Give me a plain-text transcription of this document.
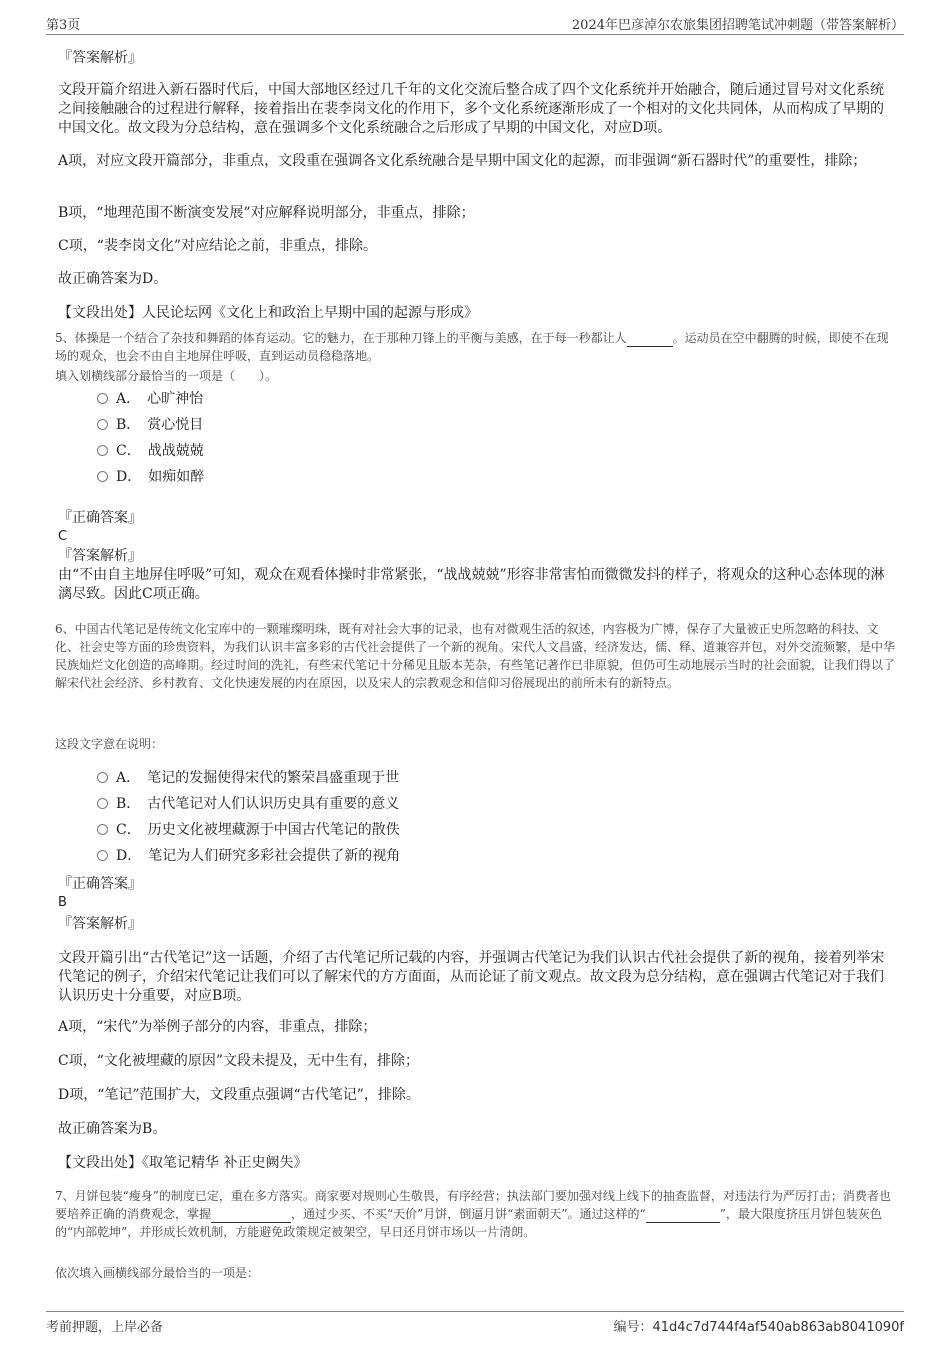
第3页	2024年巴彦淖尔农旅集团招聘笔试冲刺题（带答案解析）
『答案解析』
文段开篇介绍进入新石器时代后，中国大部地区经过几千年的文化交流后整合成了四个文化系统并开始融合，随后通过冒号对文化系统之间接触融合的过程进行解释，接着指出在裴李岗文化的作用下，多个文化系统逐渐形成了一个相对的文化共同体，从而构成了早期的中国文化。故文段为分总结构，意在强调多个文化系统融合之后形成了早期的中国文化，对应D项。
A项，对应文段开篇部分，非重点，文段重在强调各文化系统融合是早期中国文化的起源，而非强调“新石器时代”的重要性，排除；
B项，“地理范围不断演变发展”对应解释说明部分，非重点，排除；
C项，“裴李岗文化”对应结论之前，非重点，排除。
故正确答案为D。
【文段出处】人民论坛网《文化上和政治上早期中国的起源与形成》
5、体操是一个结合了杂技和舞蹈的体育运动。它的魅力，在于那种刀锋上的平衡与美感，在于每一秒都让人	。运动员在空中翻腾的时候，即使不在现场的观众，也会不由自主地屏住呼吸，直到运动员稳稳落地。
填入划横线部分最恰当的一项是（　　）。
A．　心旷神怡
B．　赏心悦目
C．　战战兢兢
D．　如痴如醉
『正确答案』
C
『答案解析』
由“不由自主地屏住呼吸”可知，观众在观看体操时非常紧张，“战战兢兢”形容非常害怕而微微发抖的样子，将观众的这种心态体现的淋漓尽致。因此C项正确。
6、中国古代笔记是传统文化宝库中的一颗璀璨明珠，既有对社会大事的记录，也有对微观生活的叙述，内容极为广博，保存了大量被正史所忽略的科技、文化、社会史等方面的珍贵资料，为我们认识丰富多彩的古代社会提供了一个新的视角。宋代人文昌盛，经济发达，儒、释、道兼容并包，对外交流频繁，是中华民族灿烂文化创造的高峰期。经过时间的洗礼，有些宋代笔记十分稀见且版本芜杂，有些笔记著作已非原貌，但仍可生动地展示当时的社会面貌，让我们得以了解宋代社会经济、乡村教育、文化快速发展的内在原因，以及宋人的宗教观念和信仰习俗展现出的前所未有的新特点。
这段文字意在说明：
A．　笔记的发掘使得宋代的繁荣昌盛重现于世
B．　古代笔记对人们认识历史具有重要的意义
C．　历史文化被埋藏源于中国古代笔记的散佚
D．　笔记为人们研究多彩社会提供了新的视角
『正确答案』
B
『答案解析』
文段开篇引出“古代笔记”这一话题，介绍了古代笔记所记载的内容，并强调古代笔记为我们认识古代社会提供了新的视角，接着列举宋代笔记的例子，介绍宋代笔记让我们可以了解宋代的方方面面，从而论证了前文观点。故文段为总分结构，意在强调古代笔记对于我们认识历史十分重要，对应B项。
A项，“宋代”为举例子部分的内容，非重点，排除；
C项，“文化被埋藏的原因”文段未提及，无中生有，排除；
D项，“笔记”范围扩大，文段重点强调“古代笔记”，排除。
故正确答案为B。
【文段出处】《取笔记精华 补正史阙失》
7、月饼包装“瘦身”的制度已定，重在多方落实。商家要对规则心生敬畏，有序经营；执法部门要加强对线上线下的抽查监督，对违法行为严厉打击；消费者也要培养正确的消费观念，掌握	，通过少买、不买“天价”月饼，倒逼月饼“素面朝天”。通过这样的“	”，最大限度挤压月饼包装灰色的“内部乾坤”，并形成长效机制，方能避免政策规定被架空，早日还月饼市场以一片清朗。
依次填入画横线部分最恰当的一项是：
考前押题，上岸必备	编号：41d4c7d744f4af540ab863ab8041090f
